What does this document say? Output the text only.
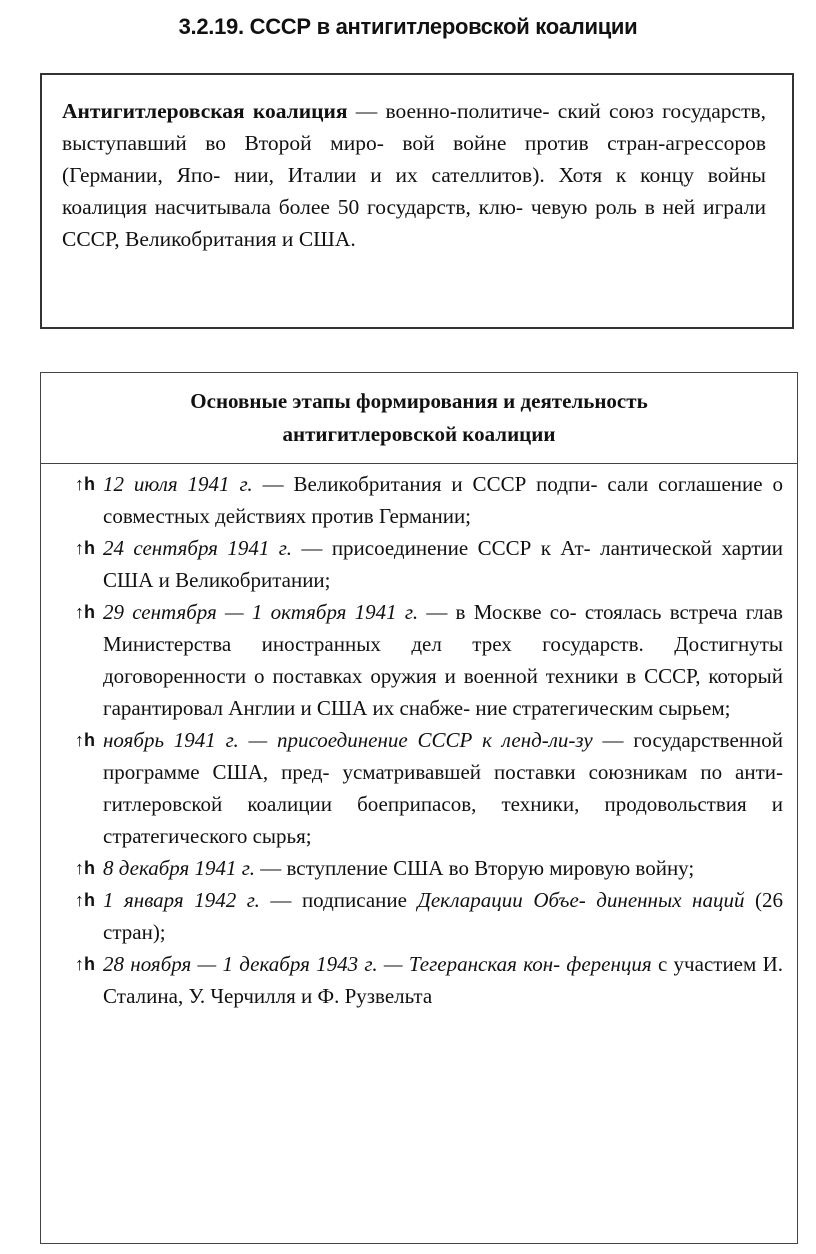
3.2.19. СССР в антигитлеровской коалиции
Антигитлеровская коалиция — военно-политиче- ский союз государств, выступавший во Второй миро- вой войне против стран-агрессоров (Германии, Япо- нии, Италии и их сателлитов). Хотя к концу войны коалиция насчитывала более 50 государств, клю- чевую роль в ней играли СССР, Великобритания и США.
Основные этапы формирования и деятельность
антигитлеровской коалиции
↑h 12 июля 1941 г. — Великобритания и СССР подпи- сали соглашение о совместных действиях против Германии;
↑h 24 сентября 1941 г. — присоединение СССР к Ат- лантической хартии США и Великобритании;
↑h 29 сентября — 1 октября 1941 г. — в Москве со- стоялась встреча глав Министерства иностранных дел трех государств. Достигнуты договоренности о поставках оружия и военной техники в СССР, который гарантировал Англии и США их снабже- ние стратегическим сырьем;
↑h ноябрь 1941 г. — присоединение СССР к ленд-ли-зу — государственной программе США, пред- усматривавшей поставки союзникам по анти- гитлеровской коалиции боеприпасов, техники, продовольствия и стратегического сырья;
↑h 8 декабря 1941 г. — вступление США во Вторую мировую войну;
↑h 1 января 1942 г. — подписание Декларации Объе- диненных наций (26 стран);
↑h 28 ноября — 1 декабря 1943 г. — Тегеранская кон- ференция с участием И. Сталина, У. Черчилля и Ф. Рузвельта
